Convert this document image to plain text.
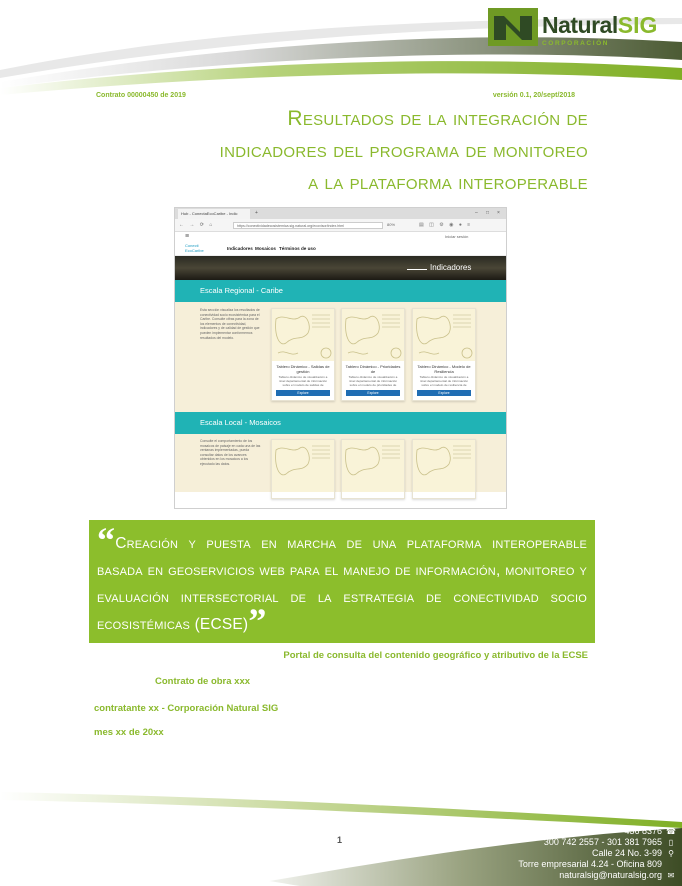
NaturalSIG
CORPORACIÓN
Contrato 00000450 de 2019	versión 0.1, 20/sept/2018
Resultados de la integración de
indicadores del programa de monitoreo
a la plataforma interoperable
Hub - ConectaEcoCaribe - Indic	+	–	□	×
← → ⟳ ⌂	https://conectividadecosistemica.sig.natural.org/ecovisor/index.html	80%	▤ ◫ ⚙ ◉ ● ≡
≡	Iniciar sesión
Conecti EcoCaribe	Indicadores Mosaicos Términos de uso
Indicadores
Escala Regional - Caribe
Esta sección visualiza los resultados de conectividad socio ecosistémica para el Caribe. Consulte cifras para la zona de los elementos de conectividad, indicadores y de calidad de gestión que pueden implementar conformemos resultados del modelo.
Tablero Dinámico - Salidas de gestión
Tablero dinámico de visualización a nivel departamental de información sobre el modelo de salidas de
Explore
Tablero Dinámico - Prioridades de
Tablero dinámico de visualización a nivel departamental de información sobre el modelo de prioridades de
Explore
Tablero Dinámico - Modelo de Resiliencia
Tablero dinámico de visualización a nivel departamental de información sobre el modelo de resiliencia de
Explore
Escala Local - Mosaicos
Consulte el comportamiento de los mosaicos de paisaje en cada una de las ventanas implementadas, pueda consultar datos de los avances obtenidos en los mosaicos a los ejecutado las datos.

“Creación y puesta en marcha de una plataforma interoperable basada en geoservicios web para el manejo de información, monitoreo y evaluación intersectorial de la estrategia de conectividad socio ecosistémicas (ECSE)”

Portal de consulta del contenido geográfico y atributivo de la ECSE
Contrato de obra xxx
contratante xx - Corporación Natural SIG
mes xx de 20xx
1
436 8376 ☎
300 742 2557 - 301 381 7965 ▯
Calle 24 No. 3-99 ⚲
Torre empresarial 4.24 - Oficina 809
naturalsig@naturalsig.org ✉
